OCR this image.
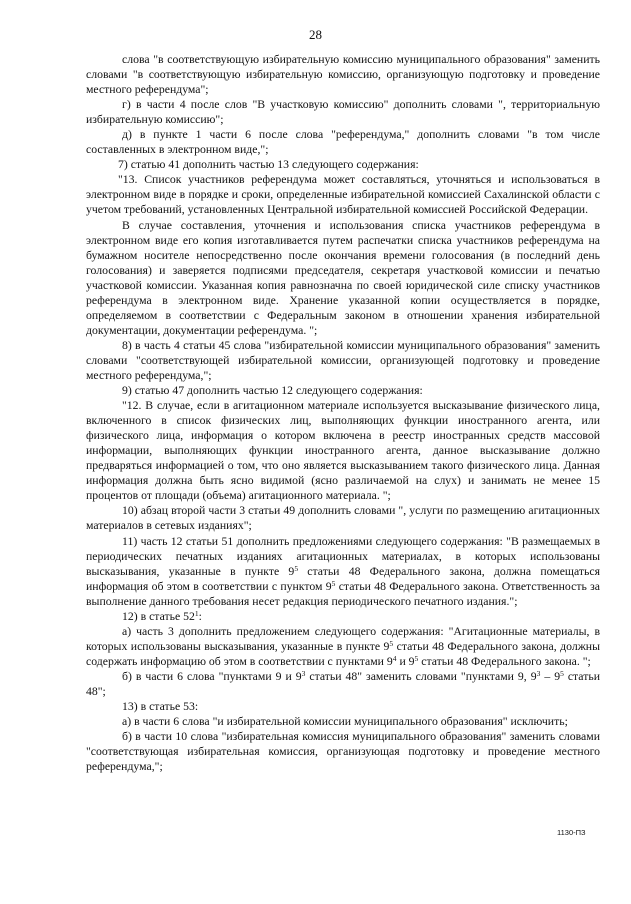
28

слова "в соответствующую избирательную комиссию муниципального образования" заменить словами "в соответствующую избирательную комиссию, организующую подготовку и проведение местного референдума";

г) в части 4 после слов "В участковую комиссию" дополнить словами ", территориальную избирательную комиссию";

д) в пункте 1 части 6 после слова "референдума," дополнить словами "в том числе составленных в электронном виде,";

7) статью 41 дополнить частью 13 следующего содержания:

"13. Список участников референдума может составляться, уточняться и использоваться в электронном виде в порядке и сроки, определенные избирательной комиссией Сахалинской области с учетом требований, установленных Центральной избирательной комиссией Российской Федерации.

В случае составления, уточнения и использования списка участников референдума в электронном виде его копия изготавливается путем распечатки списка участников референдума на бумажном носителе непосредственно после окончания времени голосования (в последний день голосования) и заверяется подписями председателя, секретаря участковой комиссии и печатью участковой комиссии. Указанная копия равнозначна по своей юридической силе списку участников референдума в электронном виде. Хранение указанной копии осуществляется в порядке, определяемом в соответствии с Федеральным законом в отношении хранения избирательной документации, документации референдума. ";

8) в часть 4 статьи 45 слова "избирательной комиссии муниципального образования" заменить словами "соответствующей избирательной комиссии, организующей подготовку и проведение местного референдума,";

9) статью 47 дополнить частью 12 следующего содержания:

"12. В случае, если в агитационном материале используется высказывание физического лица, включенного в список физических лиц, выполняющих функции иностранного агента, или физического лица, информация о котором включена в реестр иностранных средств массовой информации, выполняющих функции иностранного агента, данное высказывание должно предваряться информацией о том, что оно является высказыванием такого физического лица. Данная информация должна быть ясно видимой (ясно различаемой на слух) и занимать не менее 15 процентов от площади (объема) агитационного материала. ";

10) абзац второй части 3 статьи 49 дополнить словами ", услуги по размещению агитационных материалов в сетевых изданиях";

11) часть 12 статьи 51 дополнить предложениями следующего содержания: "В размещаемых в периодических печатных изданиях агитационных материалах, в которых использованы высказывания, указанные в пункте $9^5$ статьи 48 Федерального закона, должна помещаться информация об этом в соответствии с пунктом $9^5$ статьи 48 Федерального закона. Ответственность за выполнение данного требования несет редакция периодического печатного издания.";

12) в статье $52^1$:

а) часть 3 дополнить предложением следующего содержания: "Агитационные материалы, в которых использованы высказывания, указанные в пункте $9^5$ статьи 48 Федерального закона, должны содержать информацию об этом в соответствии с пунктами $9^4$ и $9^5$ статьи 48 Федерального закона. ";

б) в части 6 слова "пунктами 9 и $9^3$ статьи 48" заменить словами "пунктами 9, $9^3 - 9^5$ статьи 48";

13) в статье 53:

а) в части 6 слова "и избирательной комиссии муниципального образования" исключить;

б) в части 10 слова "избирательная комиссия муниципального образования" заменить словами "соответствующая избирательная комиссия, организующая подготовку и проведение местного референдума,";

1130-ПЗ
